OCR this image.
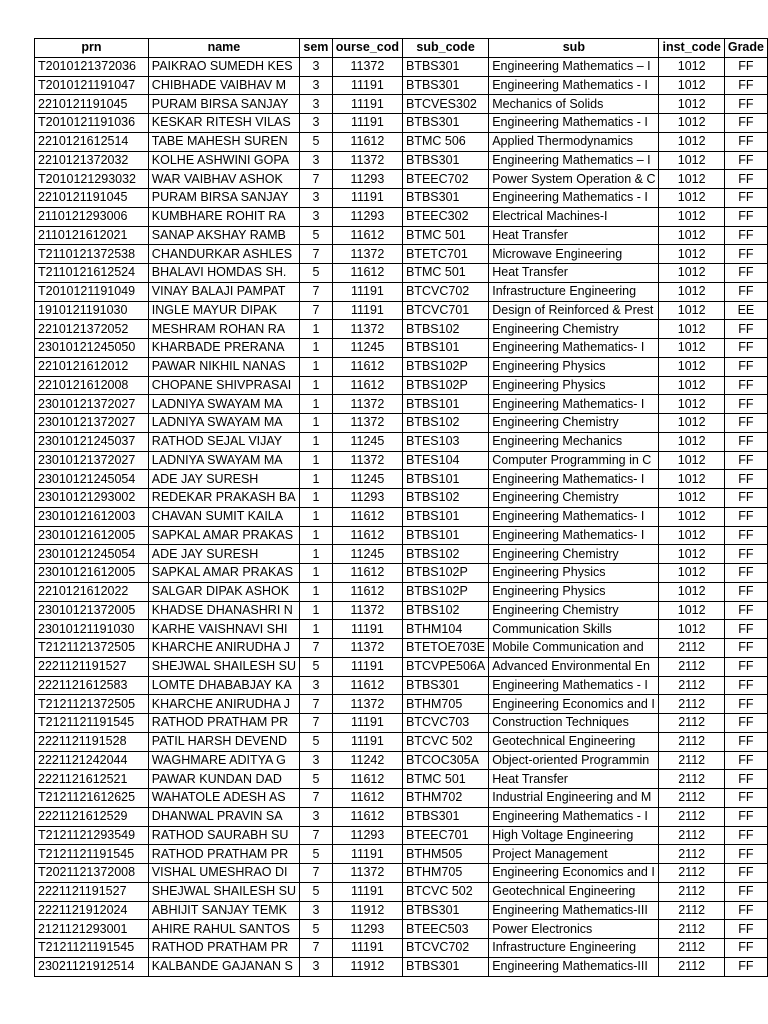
prn	name	sem	ourse_cod	sub_code	sub	inst_code	Grade
T2010121372036	PAIKRAO SUMEDH KES	3	11372	BTBS301	Engineering Mathematics – I	1012	FF
T2010121191047	CHIBHADE VAIBHAV M	3	11191	BTBS301	Engineering Mathematics - I	1012	FF
2210121191045	PURAM BIRSA SANJAY	3	11191	BTCVES302	Mechanics of Solids	1012	FF
T2010121191036	KESKAR RITESH VILAS	3	11191	BTBS301	Engineering Mathematics - I	1012	FF
2210121612514	TABE MAHESH SUREN	5	11612	BTMC 506	Applied Thermodynamics	1012	FF
2210121372032	KOLHE ASHWINI GOPA	3	11372	BTBS301	Engineering Mathematics – I	1012	FF
T2010121293032	WAR VAIBHAV ASHOK	7	11293	BTEEC702	Power System Operation & C	1012	FF
2210121191045	PURAM BIRSA SANJAY	3	11191	BTBS301	Engineering Mathematics - I	1012	FF
2110121293006	KUMBHARE ROHIT RA	3	11293	BTEEC302	Electrical Machines-I	1012	FF
2110121612021	SANAP AKSHAY RAMB	5	11612	BTMC 501	Heat Transfer	1012	FF
T2110121372538	CHANDURKAR ASHLES	7	11372	BTETC701	Microwave Engineering	1012	FF
T2110121612524	BHALAVI HOMDAS SH.	5	11612	BTMC 501	Heat Transfer	1012	FF
T2010121191049	VINAY BALAJI PAMPAT	7	11191	BTCVC702	Infrastructure Engineering	1012	FF
1910121191030	INGLE MAYUR DIPAK	7	11191	BTCVC701	Design of Reinforced & Prest	1012	EE
2210121372052	MESHRAM ROHAN RA	1	11372	BTBS102	Engineering Chemistry	1012	FF
23010121245050	KHARBADE PRERANA	1	11245	BTBS101	Engineering Mathematics- I	1012	FF
2210121612012	PAWAR NIKHIL NANAS	1	11612	BTBS102P	Engineering Physics	1012	FF
2210121612008	CHOPANE SHIVPRASAI	1	11612	BTBS102P	Engineering Physics	1012	FF
23010121372027	LADNIYA SWAYAM MA	1	11372	BTBS101	Engineering Mathematics- I	1012	FF
23010121372027	LADNIYA SWAYAM MA	1	11372	BTBS102	Engineering Chemistry	1012	FF
23010121245037	RATHOD SEJAL VIJAY	1	11245	BTES103	Engineering Mechanics	1012	FF
23010121372027	LADNIYA SWAYAM MA	1	11372	BTES104	Computer Programming in C	1012	FF
23010121245054	ADE JAY SURESH	1	11245	BTBS101	Engineering Mathematics- I	1012	FF
23010121293002	REDEKAR PRAKASH BA	1	11293	BTBS102	Engineering Chemistry	1012	FF
23010121612003	CHAVAN SUMIT KAILA	1	11612	BTBS101	Engineering Mathematics- I	1012	FF
23010121612005	SAPKAL AMAR PRAKAS	1	11612	BTBS101	Engineering Mathematics- I	1012	FF
23010121245054	ADE JAY SURESH	1	11245	BTBS102	Engineering Chemistry	1012	FF
23010121612005	SAPKAL AMAR PRAKAS	1	11612	BTBS102P	Engineering Physics	1012	FF
2210121612022	SALGAR DIPAK ASHOK	1	11612	BTBS102P	Engineering Physics	1012	FF
23010121372005	KHADSE DHANASHRI N	1	11372	BTBS102	Engineering Chemistry	1012	FF
23010121191030	KARHE VAISHNAVI SHI	1	11191	BTHM104	Communication Skills	1012	FF
T2121121372505	KHARCHE ANIRUDHA J	7	11372	BTETOE703E	Mobile Communication and	2112	FF
2221121191527	SHEJWAL SHAILESH SU	5	11191	BTCVPE506A	Advanced Environmental En	2112	FF
2221121612583	LOMTE DHABABJAY KA	3	11612	BTBS301	Engineering Mathematics - I	2112	FF
T2121121372505	KHARCHE ANIRUDHA J	7	11372	BTHM705	Engineering Economics and I	2112	FF
T2121121191545	RATHOD PRATHAM PR	7	11191	BTCVC703	Construction Techniques	2112	FF
2221121191528	PATIL HARSH DEVEND	5	11191	BTCVC 502	Geotechnical Engineering	2112	FF
2221121242044	WAGHMARE ADITYA G	3	11242	BTCOC305A	Object-oriented Programmin	2112	FF
2221121612521	PAWAR KUNDAN DAD	5	11612	BTMC 501	Heat Transfer	2112	FF
T2121121612625	WAHATOLE ADESH AS	7	11612	BTHM702	Industrial Engineering and M	2112	FF
2221121612529	DHANWAL PRAVIN SA	3	11612	BTBS301	Engineering Mathematics - I	2112	FF
T2121121293549	RATHOD SAURABH SU	7	11293	BTEEC701	High Voltage Engineering	2112	FF
T2121121191545	RATHOD PRATHAM PR	5	11191	BTHM505	Project Management	2112	FF
T2021121372008	VISHAL UMESHRAO DI	7	11372	BTHM705	Engineering Economics and I	2112	FF
2221121191527	SHEJWAL SHAILESH SU	5	11191	BTCVC 502	Geotechnical Engineering	2112	FF
2221121912024	ABHIJIT SANJAY TEMK	3	11912	BTBS301	Engineering Mathematics-III	2112	FF
2121121293001	AHIRE RAHUL SANTOS	5	11293	BTEEC503	Power Electronics	2112	FF
T2121121191545	RATHOD PRATHAM PR	7	11191	BTCVC702	Infrastructure Engineering	2112	FF
23021121912514	KALBANDE GAJANAN S	3	11912	BTBS301	Engineering Mathematics-III	2112	FF
